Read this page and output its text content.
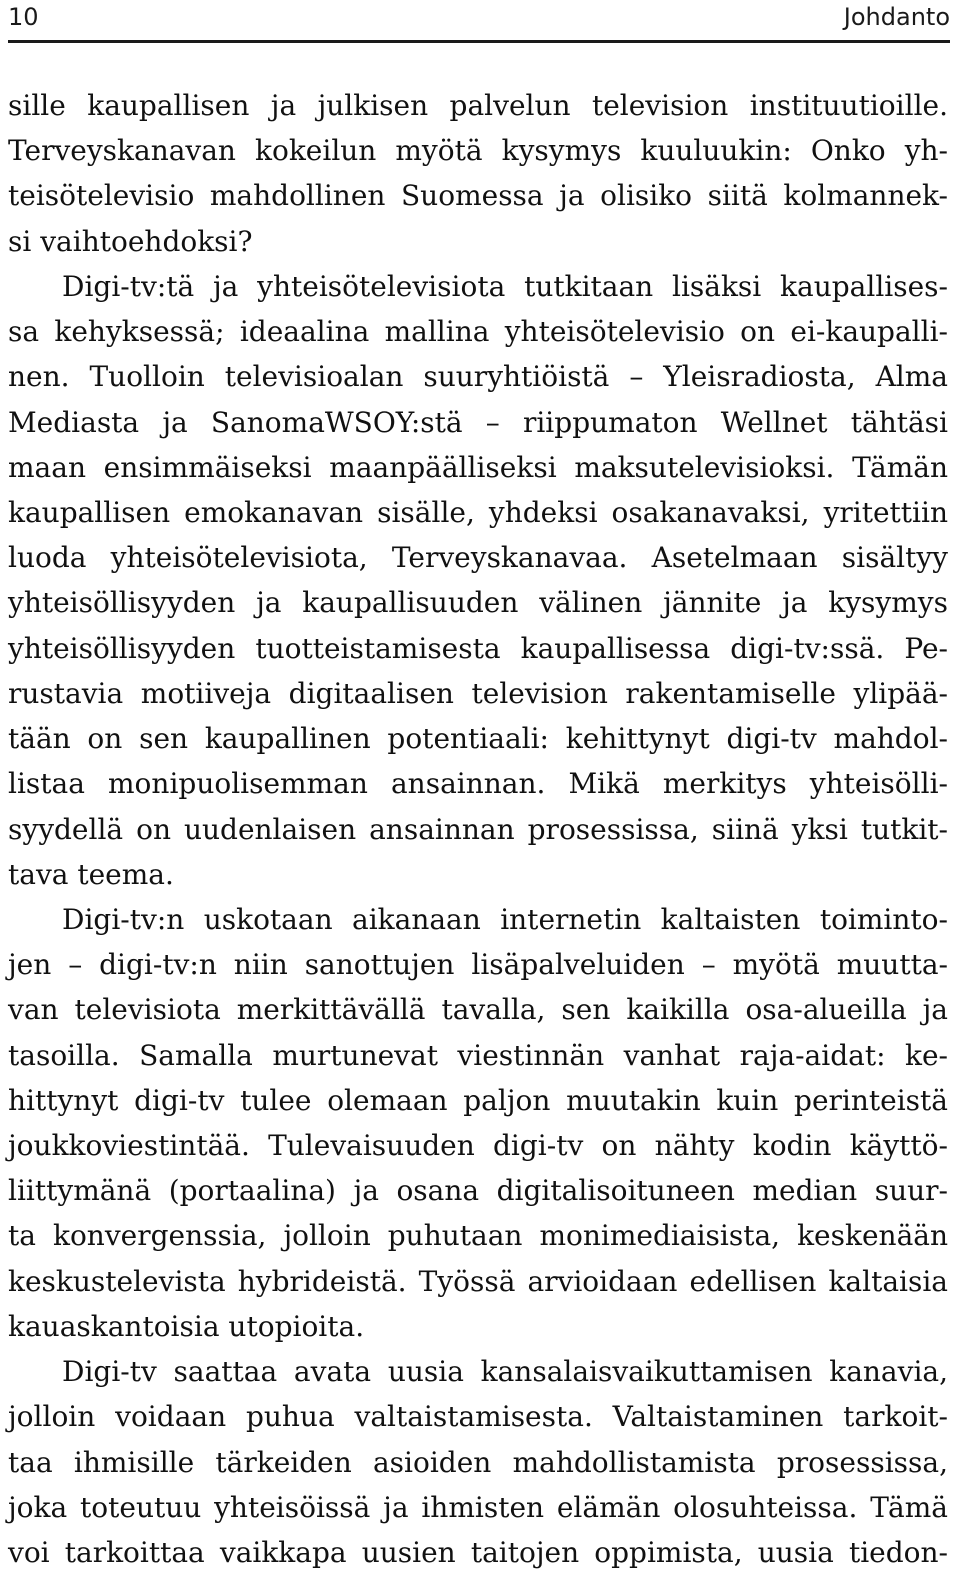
10	Johdanto
sille kaupallisen ja julkisen palvelun television instituutioille.
Terveyskanavan kokeilun myötä kysymys kuuluukin: Onko yh-
teisötelevisio mahdollinen Suomessa ja olisiko siitä kolmannek-
si vaihtoehdoksi?
Digi-tv:tä ja yhteisötelevisiota tutkitaan lisäksi kaupallises-
sa kehyksessä; ideaalina mallina yhteisötelevisio on ei-kaupalli-
nen. Tuolloin televisioalan suuryhtiöistä – Yleisradiosta, Alma
Mediasta ja SanomaWSOY:stä – riippumaton Wellnet tähtäsi
maan ensimmäiseksi maanpäälliseksi maksutelevisioksi. Tämän
kaupallisen emokanavan sisälle, yhdeksi osakanavaksi, yritettiin
luoda yhteisötelevisiota, Terveyskanavaa. Asetelmaan sisältyy
yhteisöllisyyden ja kaupallisuuden välinen jännite ja kysymys
yhteisöllisyyden tuotteistamisesta kaupallisessa digi-tv:ssä. Pe-
rustavia motiiveja digitaalisen television rakentamiselle ylipää-
tään on sen kaupallinen potentiaali: kehittynyt digi-tv mahdol-
listaa monipuolisemman ansainnan. Mikä merkitys yhteisölli-
syydellä on uudenlaisen ansainnan prosessissa, siinä yksi tutkit-
tava teema.
Digi-tv:n uskotaan aikanaan internetin kaltaisten toiminto-
jen – digi-tv:n niin sanottujen lisäpalveluiden – myötä muutta-
van televisiota merkittävällä tavalla, sen kaikilla osa-alueilla ja
tasoilla. Samalla murtunevat viestinnän vanhat raja-aidat: ke-
hittynyt digi-tv tulee olemaan paljon muutakin kuin perinteistä
joukkoviestintää. Tulevaisuuden digi-tv on nähty kodin käyttö-
liittymänä (portaalina) ja osana digitalisoituneen median suur-
ta konvergenssia, jolloin puhutaan monimediaisista, keskenään
keskustelevista hybrideistä. Työssä arvioidaan edellisen kaltaisia
kauaskantoisia utopioita.
Digi-tv saattaa avata uusia kansalaisvaikuttamisen kanavia,
jolloin voidaan puhua valtaistamisesta. Valtaistaminen tarkoit-
taa ihmisille tärkeiden asioiden mahdollistamista prosessissa,
joka toteutuu yhteisöissä ja ihmisten elämän olosuhteissa. Tämä
voi tarkoittaa vaikkapa uusien taitojen oppimista, uusia tiedon-
